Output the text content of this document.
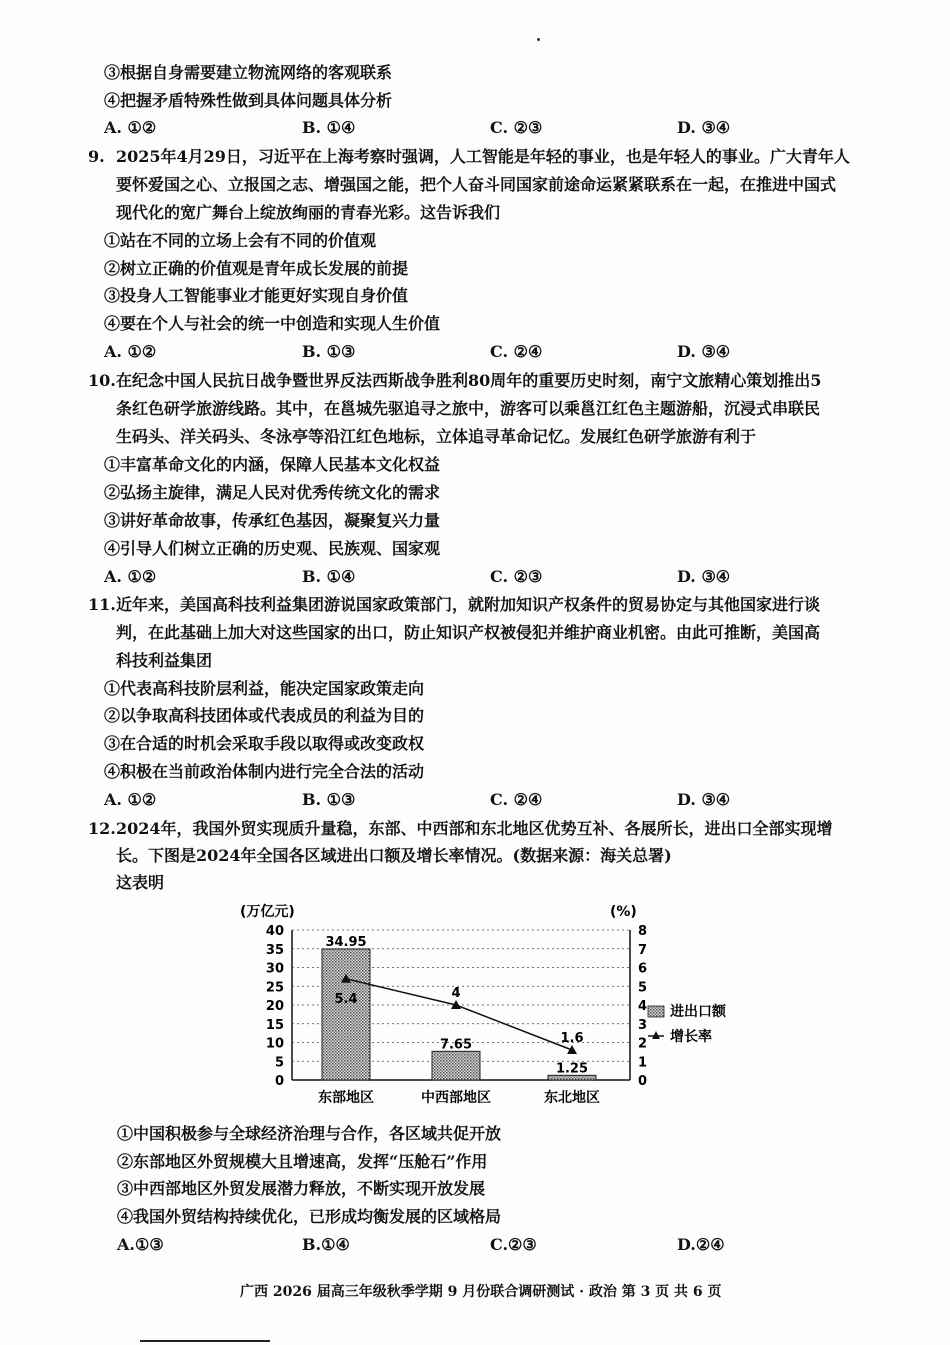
③根据自身需要建立物流网络的客观联系
④把握矛盾特殊性做到具体问题具体分析
A. ①②	B. ①④	C. ②③	D. ③④
9. 2025年4月29日，习近平在上海考察时强调，人工智能是年轻的事业，也是年轻人的事业。广大青年人
要怀爱国之心、立报国之志、增强国之能，把个人奋斗同国家前途命运紧紧联系在一起，在推进中国式
现代化的宽广舞台上绽放绚丽的青春光彩。这告诉我们
①站在不同的立场上会有不同的价值观
②树立正确的价值观是青年成长发展的前提
③投身人工智能事业才能更好实现自身价值
④要在个人与社会的统一中创造和实现人生价值
A. ①②	B. ①③	C. ②④	D. ③④
10. 在纪念中国人民抗日战争暨世界反法西斯战争胜利80周年的重要历史时刻，南宁文旅精心策划推出5
条红色研学旅游线路。其中，在邕城先驱追寻之旅中，游客可以乘邕江红色主题游船，沉浸式串联民
生码头、洋关码头、冬泳亭等沿江红色地标，立体追寻革命记忆。发展红色研学旅游有利于
①丰富革命文化的内涵，保障人民基本文化权益
②弘扬主旋律，满足人民对优秀传统文化的需求
③讲好革命故事，传承红色基因，凝聚复兴力量
④引导人们树立正确的历史观、民族观、国家观
A. ①②	B. ①④	C. ②③	D. ③④
11. 近年来，美国高科技利益集团游说国家政策部门，就附加知识产权条件的贸易协定与其他国家进行谈
判，在此基础上加大对这些国家的出口，防止知识产权被侵犯并维护商业机密。由此可推断，美国高
科技利益集团
①代表高科技阶层利益，能决定国家政策走向
②以争取高科技团体或代表成员的利益为目的
③在合适的时机会采取手段以取得或改变政权
④积极在当前政治体制内进行完全合法的活动
A. ①②	B. ①③	C. ②④	D. ③④
12. 2024年，我国外贸实现质升量稳，东部、中西部和东北地区优势互补、各展所长，进出口全部实现增
长。下图是2024年全国各区域进出口额及增长率情况。(数据来源：海关总署)
这表明
(万亿元)	(%)
0	0
5	1
10	2
15	3
20	4
25	5
30	6
35	7
40	8
东部地区
34.95
中西部地区
7.65
东北地区
1.25
5.4	4
1.6
进出口额
增长率
①中国积极参与全球经济治理与合作，各区域共促开放
②东部地区外贸规模大且增速高，发挥“压舱石”作用
③中西部地区外贸发展潜力释放，不断实现开放发展
④我国外贸结构持续优化，已形成均衡发展的区域格局
A.①③	B.①④	C.②③	D.②④
广西 2026 届高三年级秋季学期 9 月份联合调研测试 · 政治 第 3 页 共 6 页
